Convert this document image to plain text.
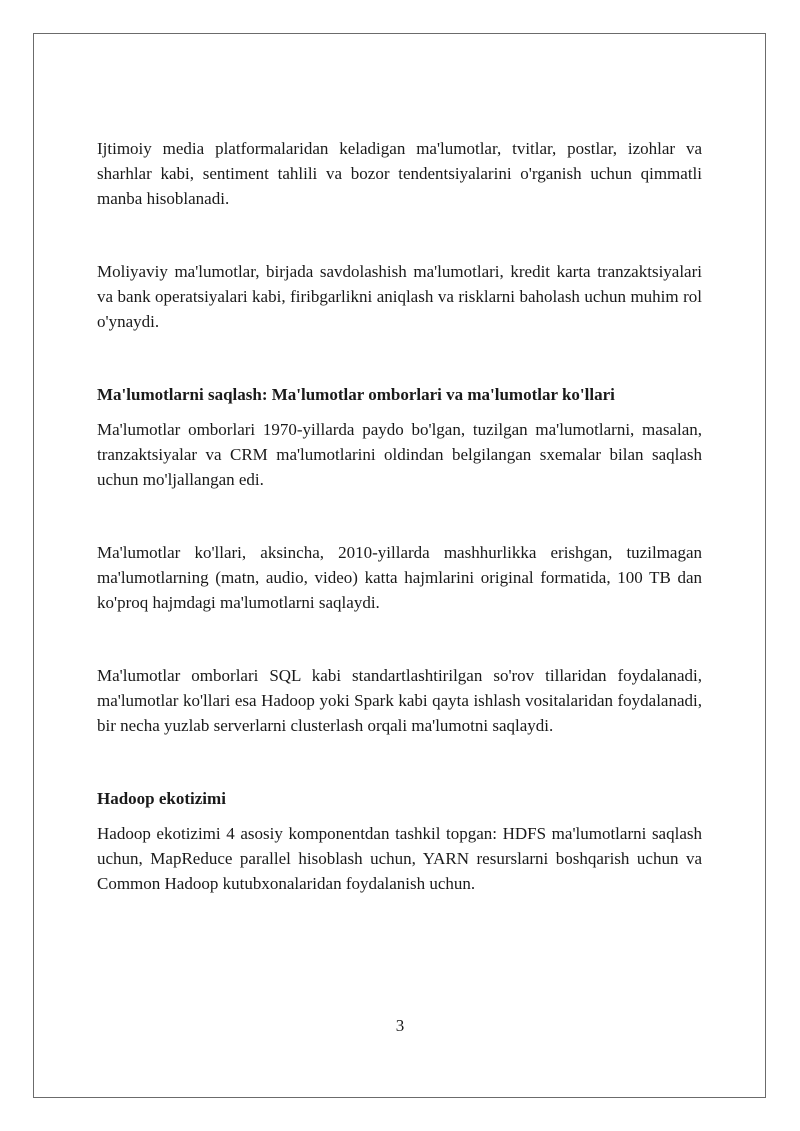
Ijtimoiy media platformalaridan keladigan ma'lumotlar, tvitlar, postlar, izohlar va sharhlar kabi, sentiment tahlili va bozor tendentsiyalarini o'rganish uchun qimmatli manba hisoblanadi.

Moliyaviy ma'lumotlar, birjada savdolashish ma'lumotlari, kredit karta tranzaktsiyalari va bank operatsiyalari kabi, firibgarlikni aniqlash va risklarni baholash uchun muhim rol o'ynaydi.

Ma'lumotlarni saqlash: Ma'lumotlar omborlari va ma'lumotlar ko'llari

Ma'lumotlar omborlari 1970-yillarda paydo bo'lgan, tuzilgan ma'lumotlarni, masalan, tranzaktsiyalar va CRM ma'lumotlarini oldindan belgilangan sxemalar bilan saqlash uchun mo'ljallangan edi.

Ma'lumotlar ko'llari, aksincha, 2010-yillarda mashhurlikka erishgan, tuzilmagan ma'lumotlarning (matn, audio, video) katta hajmlarini original formatida, 100 TB dan ko'proq hajmdagi ma'lumotlarni saqlaydi.

Ma'lumotlar omborlari SQL kabi standartlashtirilgan so'rov tillaridan foydalanadi, ma'lumotlar ko'llari esa Hadoop yoki Spark kabi qayta ishlash vositalaridan foydalanadi, bir necha yuzlab serverlarni clusterlash orqali ma'lumotni saqlaydi.

Hadoop ekotizimi

Hadoop ekotizimi 4 asosiy komponentdan tashkil topgan: HDFS ma'lumotlarni saqlash uchun, MapReduce parallel hisoblash uchun, YARN resurslarni boshqarish uchun va Common Hadoop kutubxonalaridan foydalanish uchun.

3
